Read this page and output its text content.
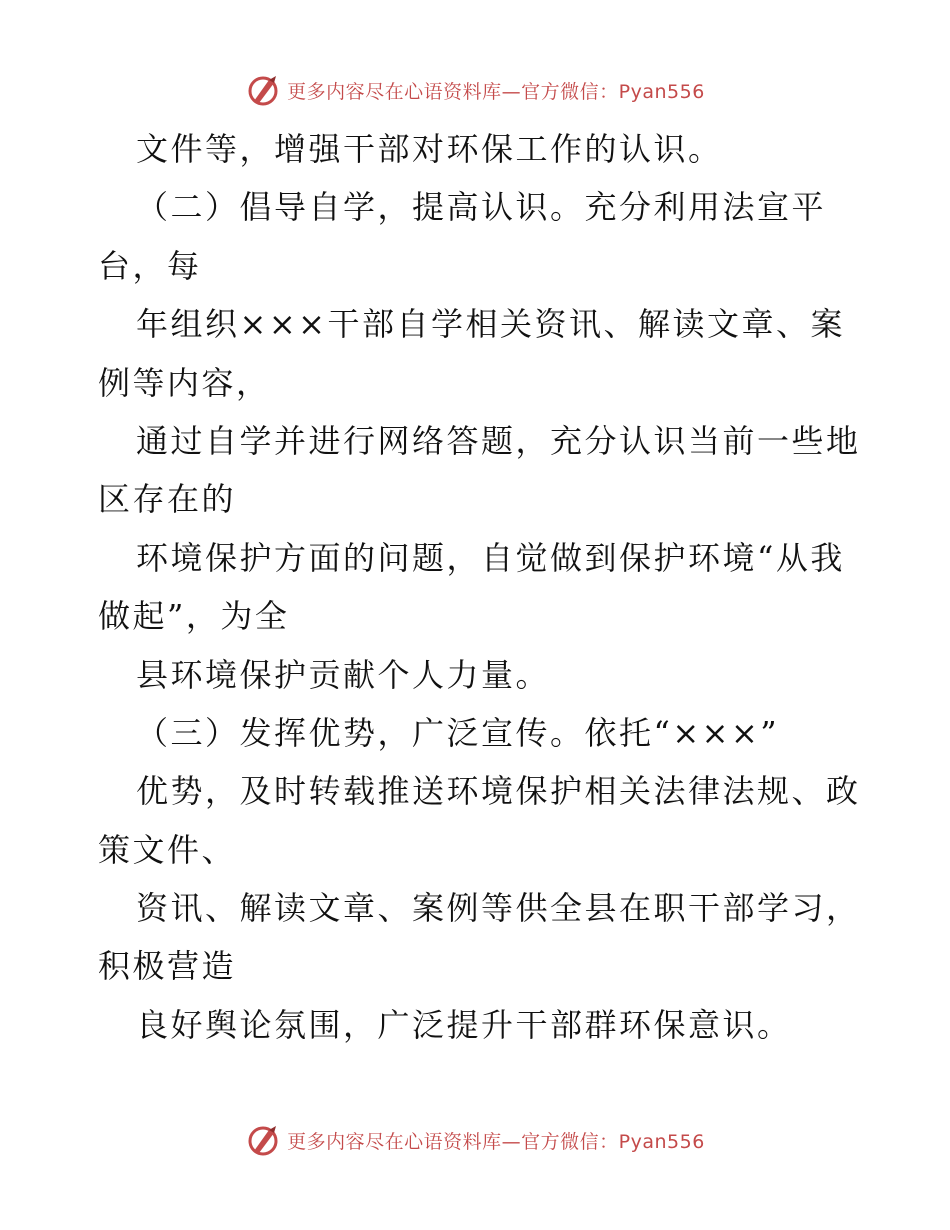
更多内容尽在心语资料库—官方微信：Pyan556
文件等，增强干部对环保工作的认识。
（二）倡导自学，提高认识。充分利用法宣平
台，每
年组织×××干部自学相关资讯、解读文章、案
例等内容，
通过自学并进行网络答题，充分认识当前一些地
区存在的
环境保护方面的问题，自觉做到保护环境“从我
做起”，为全
县环境保护贡献个人力量。
（三）发挥优势，广泛宣传。依托“×××”
优势，及时转载推送环境保护相关法律法规、政
策文件、
资讯、解读文章、案例等供全县在职干部学习，
积极营造
良好舆论氛围，广泛提升干部群环保意识。
更多内容尽在心语资料库—官方微信：Pyan556
